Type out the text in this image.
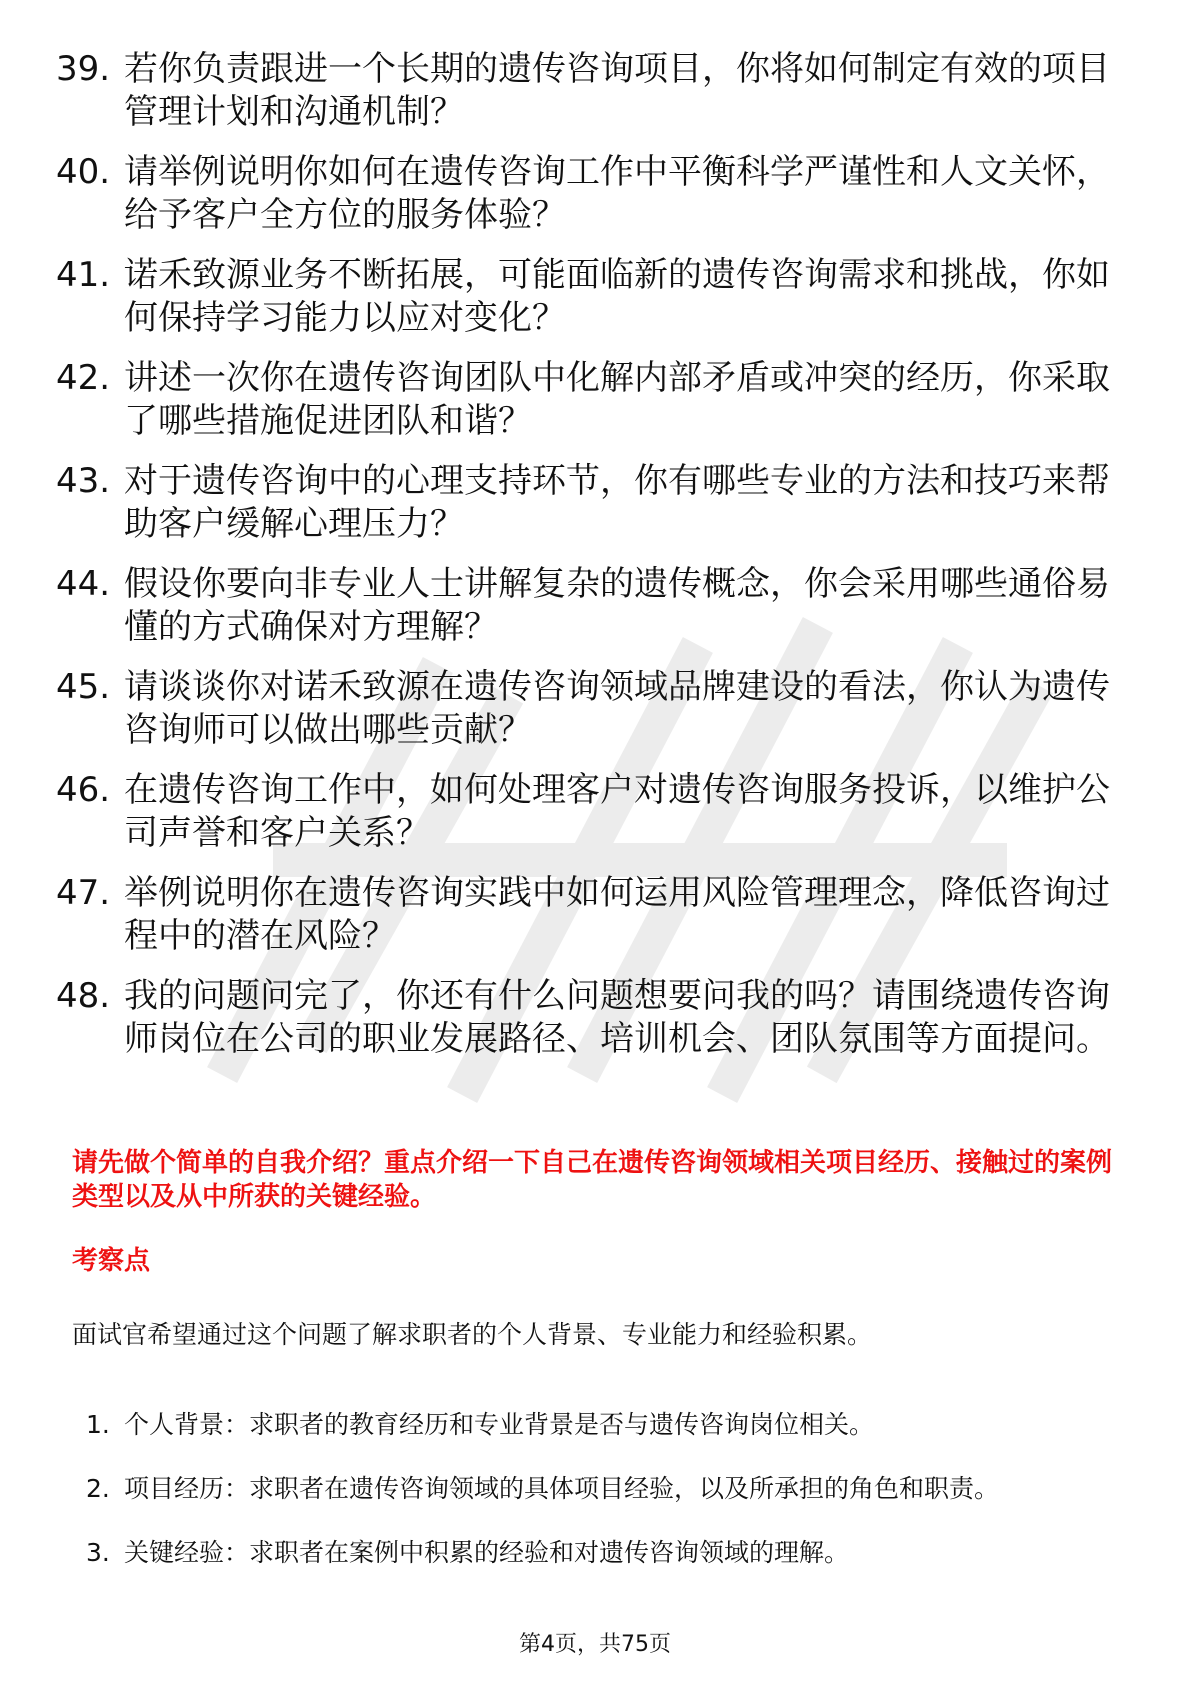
39. 若你负责跟进一个长期的遗传咨询项目，你将如何制定有效的项目管理计划和沟通机制？
40. 请举例说明你如何在遗传咨询工作中平衡科学严谨性和人文关怀，给予客户全方位的服务体验？
41. 诺禾致源业务不断拓展，可能面临新的遗传咨询需求和挑战，你如何保持学习能力以应对变化？
42. 讲述一次你在遗传咨询团队中化解内部矛盾或冲突的经历，你采取了哪些措施促进团队和谐？
43. 对于遗传咨询中的心理支持环节，你有哪些专业的方法和技巧来帮助客户缓解心理压力？
44. 假设你要向非专业人士讲解复杂的遗传概念，你会采用哪些通俗易懂的方式确保对方理解？
45. 请谈谈你对诺禾致源在遗传咨询领域品牌建设的看法，你认为遗传咨询师可以做出哪些贡献？
46. 在遗传咨询工作中，如何处理客户对遗传咨询服务投诉，以维护公司声誉和客户关系？
47. 举例说明你在遗传咨询实践中如何运用风险管理理念，降低咨询过程中的潜在风险？
48. 我的问题问完了，你还有什么问题想要问我的吗？请围绕遗传咨询师岗位在公司的职业发展路径、培训机会、团队氛围等方面提问。

请先做个简单的自我介绍？重点介绍一下自己在遗传咨询领域相关项目经历、接触过的案例类型以及从中所获的关键经验。

考察点

面试官希望通过这个问题了解求职者的个人背景、专业能力和经验积累。

1. 个人背景：求职者的教育经历和专业背景是否与遗传咨询岗位相关。
2. 项目经历：求职者在遗传咨询领域的具体项目经验，以及所承担的角色和职责。
3. 关键经验：求职者在案例中积累的经验和对遗传咨询领域的理解。

第4页，共75页
